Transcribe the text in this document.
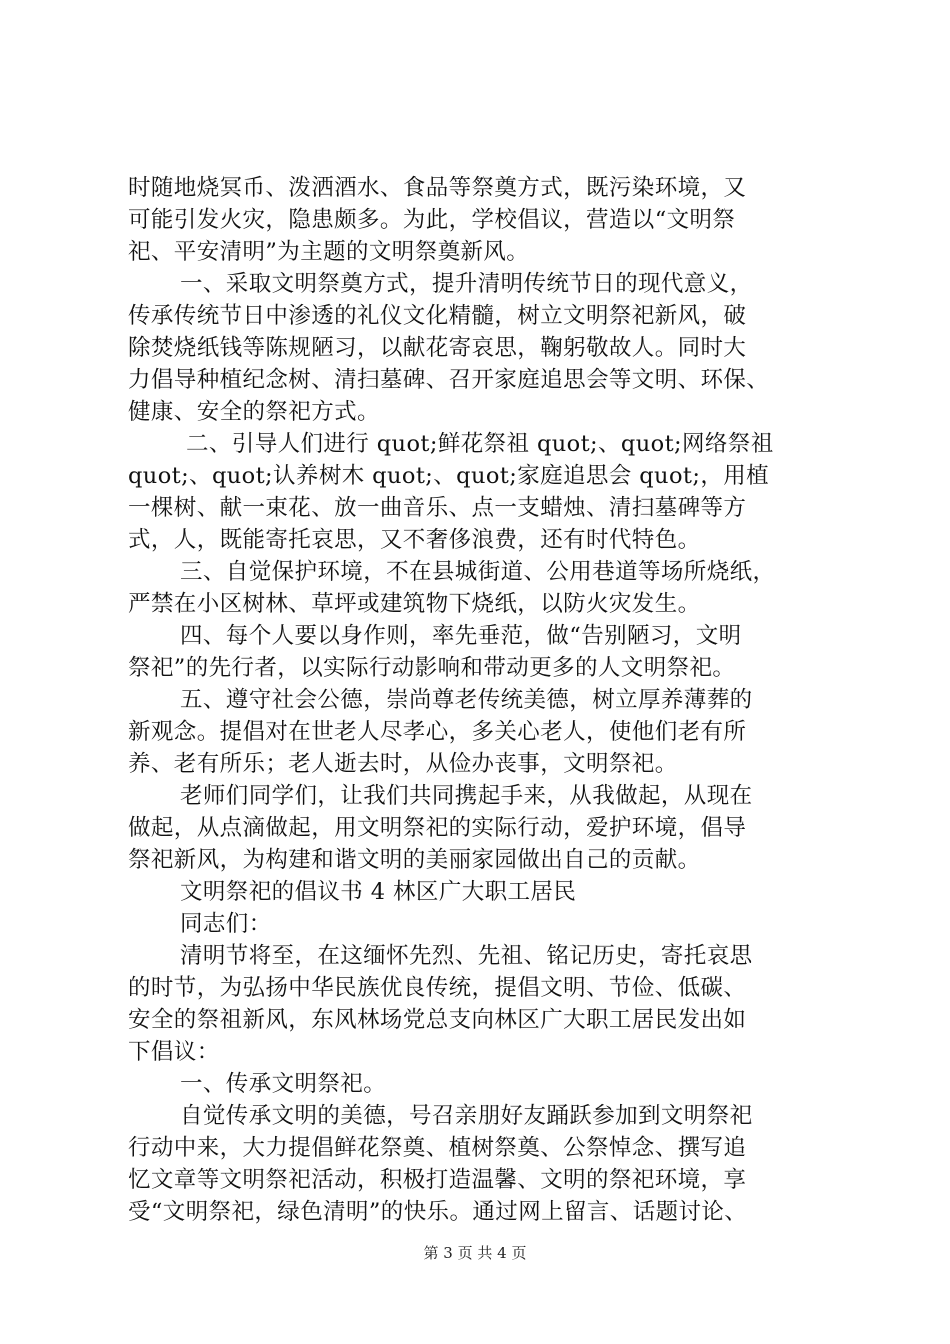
时随地烧冥币、泼洒酒水、食品等祭奠方式，既污染环境，又
可能引发火灾，隐患颇多。为此，学校倡议，营造以“文明祭
祀、平安清明”为主题的文明祭奠新风。
一、采取文明祭奠方式，提升清明传统节日的现代意义，
传承传统节日中渗透的礼仪文化精髓，树立文明祭祀新风，破
除焚烧纸钱等陈规陋习，以献花寄哀思，鞠躬敬故人。同时大
力倡导种植纪念树、清扫墓碑、召开家庭追思会等文明、环保、
健康、安全的祭祀方式。
二、引导人们进行 quot;鲜花祭祖 quot;、quot;网络祭祖
quot;、quot;认养树木 quot;、quot;家庭追思会 quot;，用植
一棵树、献一束花、放一曲音乐、点一支蜡烛、清扫墓碑等方
式，人，既能寄托哀思，又不奢侈浪费，还有时代特色。
三、自觉保护环境，不在县城街道、公用巷道等场所烧纸，
严禁在小区树林、草坪或建筑物下烧纸，以防火灾发生。
四、每个人要以身作则，率先垂范，做“告别陋习，文明
祭祀”的先行者，以实际行动影响和带动更多的人文明祭祀。
五、遵守社会公德，崇尚尊老传统美德，树立厚养薄葬的
新观念。提倡对在世老人尽孝心，多关心老人，使他们老有所
养、老有所乐；老人逝去时，从俭办丧事，文明祭祀。
老师们同学们，让我们共同携起手来，从我做起，从现在
做起，从点滴做起，用文明祭祀的实际行动，爱护环境，倡导
祭祀新风，为构建和谐文明的美丽家园做出自己的贡献。
文明祭祀的倡议书 4 林区广大职工居民
同志们：
清明节将至，在这缅怀先烈、先祖、铭记历史，寄托哀思
的时节，为弘扬中华民族优良传统，提倡文明、节俭、低碳、
安全的祭祖新风，东风林场党总支向林区广大职工居民发出如
下倡议：
一、传承文明祭祀。
自觉传承文明的美德，号召亲朋好友踊跃参加到文明祭祀
行动中来，大力提倡鲜花祭奠、植树祭奠、公祭悼念、撰写追
忆文章等文明祭祀活动，积极打造温馨、文明的祭祀环境，享
受“文明祭祀，绿色清明”的快乐。通过网上留言、话题讨论、
第 3 页 共 4 页
